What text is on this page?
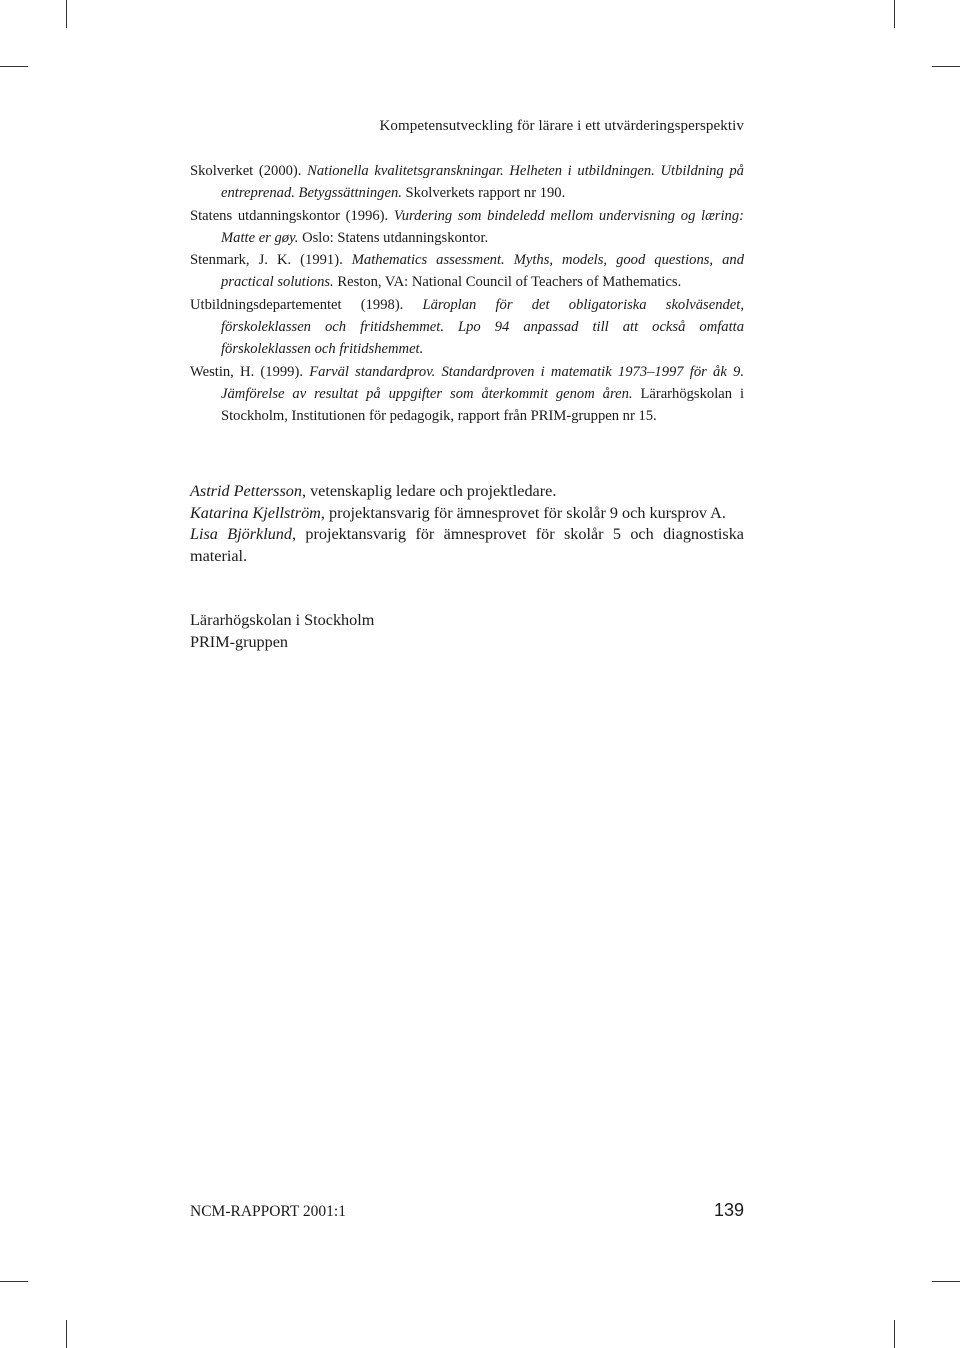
Kompetensutveckling för lärare i ett utvärderingsperspektiv

Skolverket (2000). Nationella kvalitetsgranskningar. Helheten i utbildningen. Utbildning på entreprenad. Betygssättningen. Skolverkets rapport nr 190.

Statens utdanningskontor (1996). Vurdering som bindeledd mellom undervisning og læring: Matte er gøy. Oslo: Statens utdanningskontor.

Stenmark, J. K. (1991). Mathematics assessment. Myths, models, good questions, and practical solutions. Reston, VA: National Council of Teachers of Mathematics.

Utbildningsdepartementet (1998). Läroplan för det obligatoriska skolväsendet, förskoleklassen och fritidshemmet. Lpo 94 anpassad till att också omfatta förskoleklassen och fritidshemmet.

Westin, H. (1999). Farväl standardprov. Standardproven i matematik 1973–1997 för åk 9. Jämförelse av resultat på uppgifter som återkommit genom åren. Lärarhögskolan i Stockholm, Institutionen för pedagogik, rapport från PRIM-gruppen nr 15.

Astrid Pettersson, vetenskaplig ledare och projektledare.

Katarina Kjellström, projektansvarig för ämnesprovet för skolår 9 och kursprov A.

Lisa Björklund, projektansvarig för ämnesprovet för skolår 5 och diagnostiska material.

Lärarhögskolan i Stockholm
PRIM-gruppen
NCM-RAPPORT 2001:1	139
